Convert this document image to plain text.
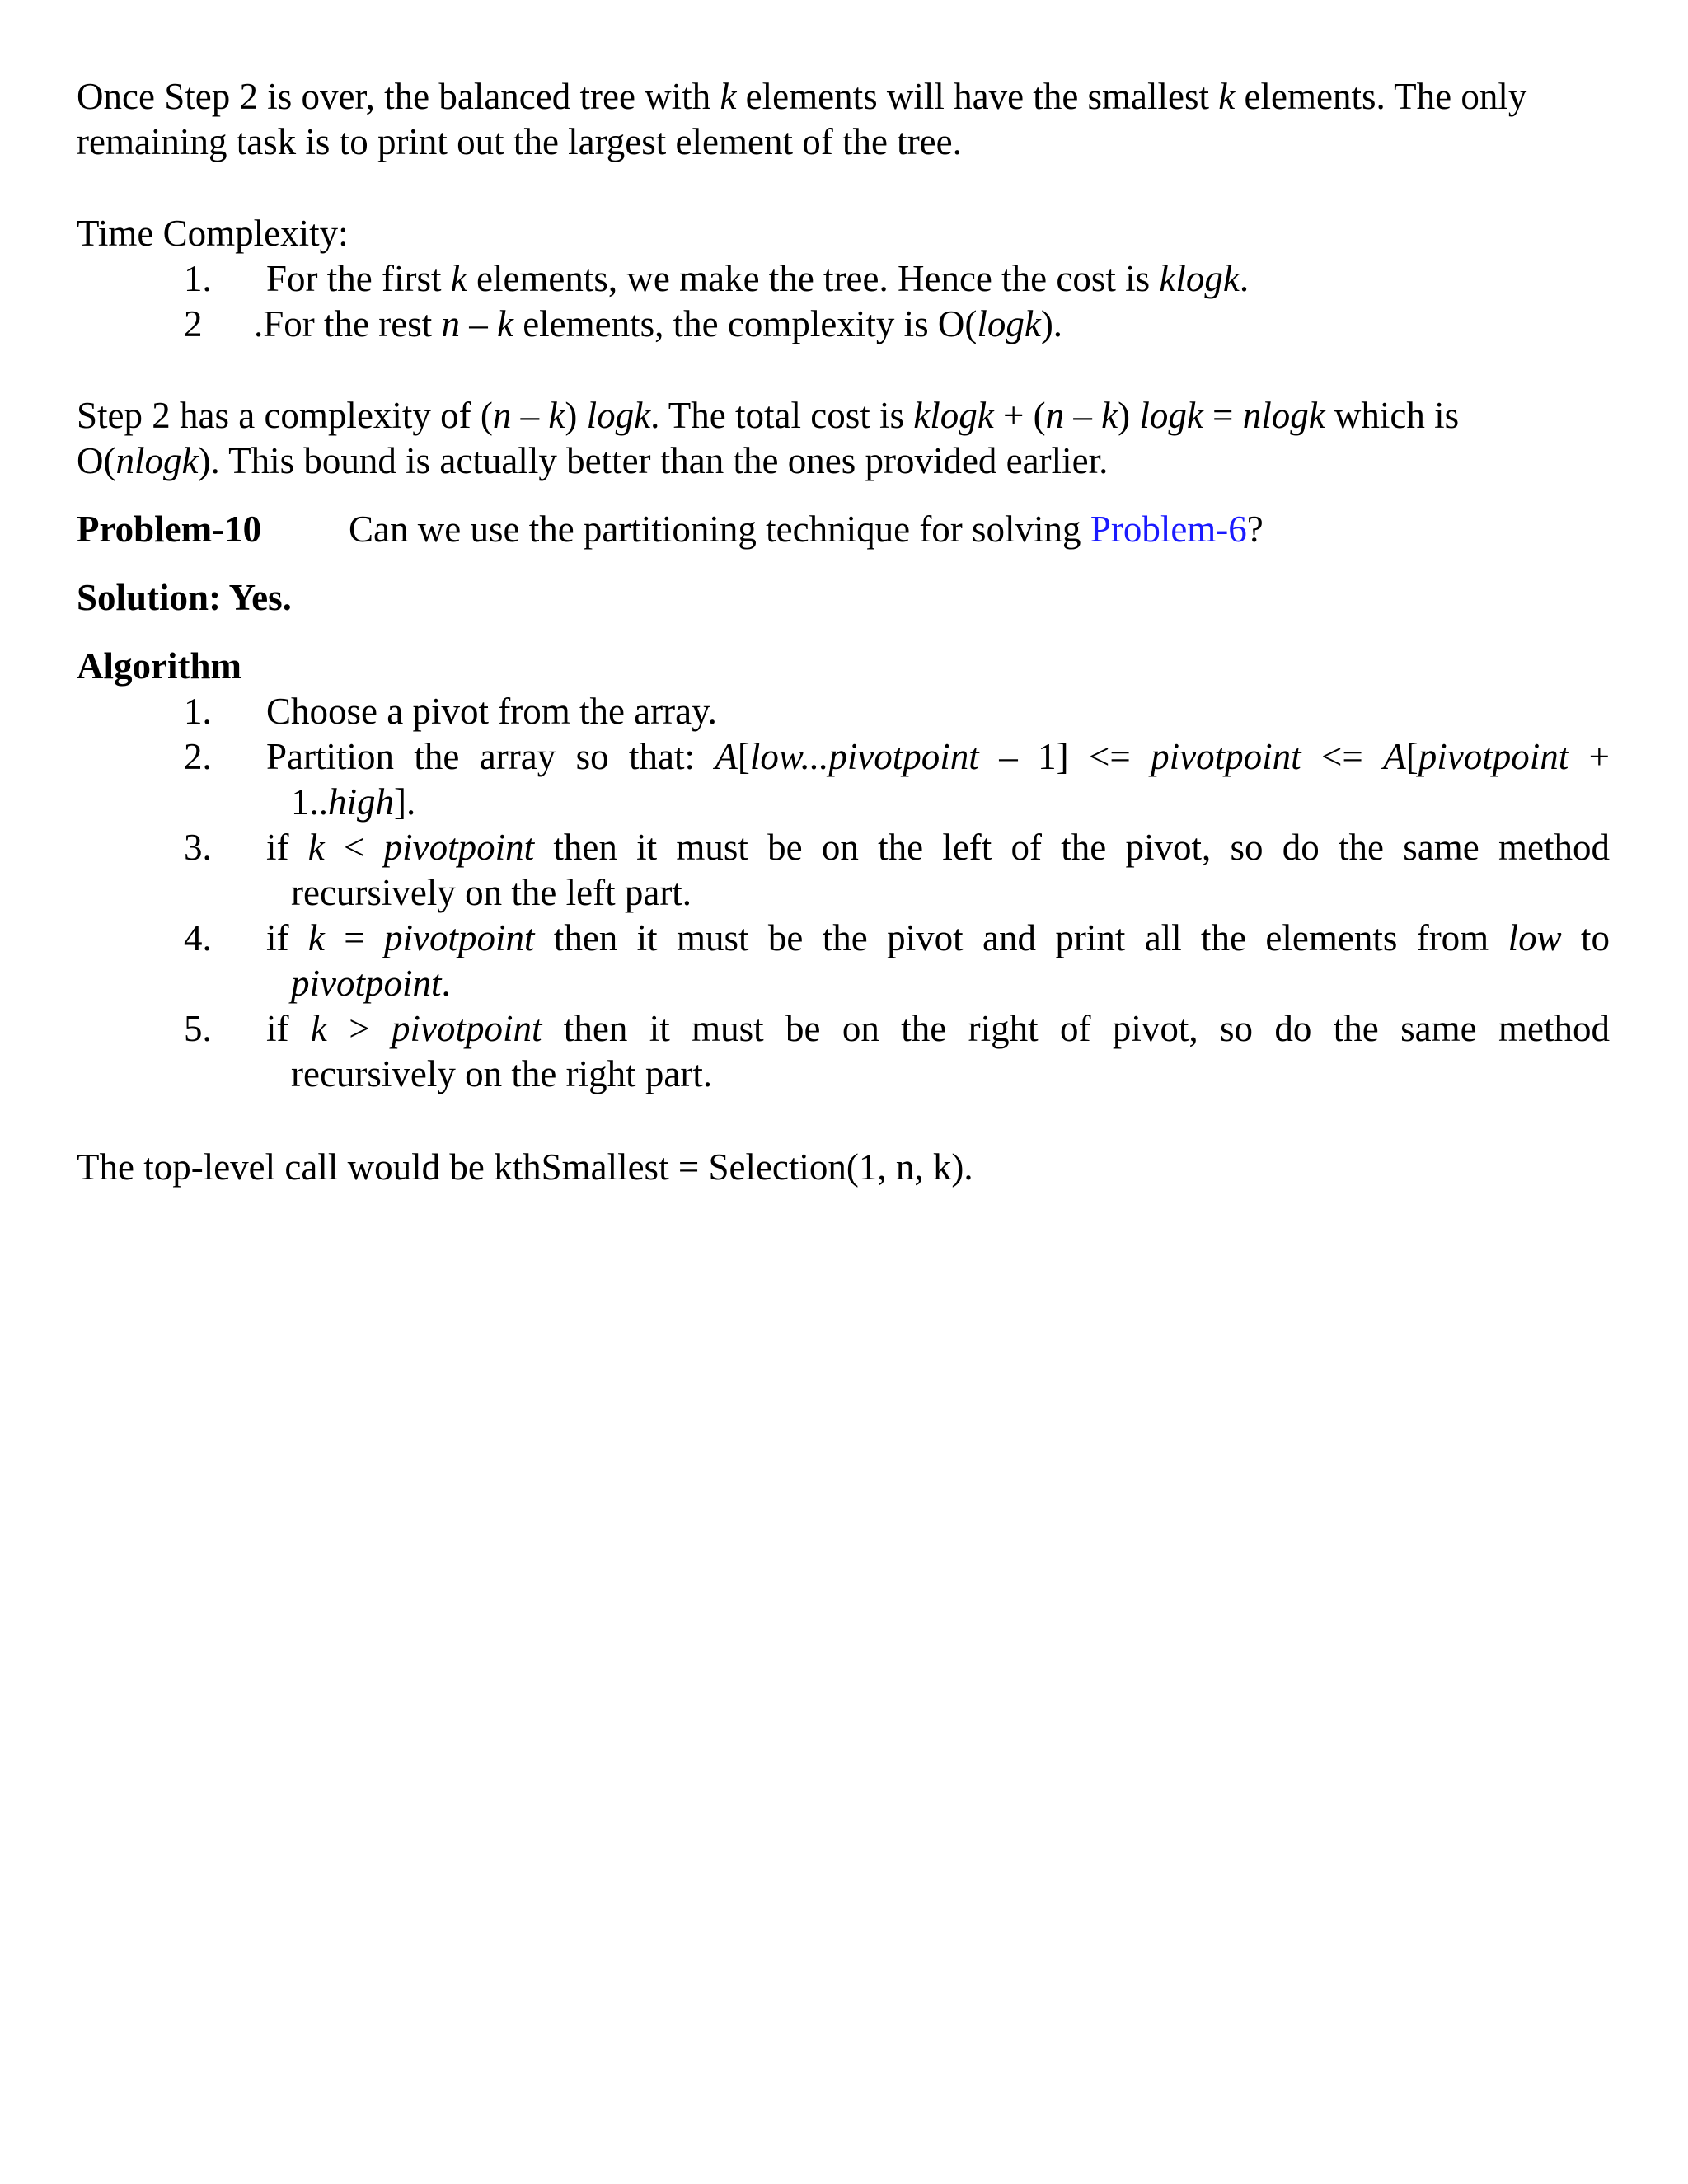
Once Step 2 is over, the balanced tree with k elements will have the smallest k elements. The only

remaining task is to print out the largest element of the tree.

Time Complexity:

1.	For the first k elements, we make the tree. Hence the cost is klogk.
2	.For the rest n – k elements, the complexity is O(logk).

Step 2 has a complexity of (n – k) logk. The total cost is klogk + (n – k) logk = nlogk which is

O(nlogk). This bound is actually better than the ones provided earlier.

Problem-10 Can we use the partitioning technique for solving Problem-6?

Solution: Yes.

Algorithm

1.	Choose a pivot from the array.
2.	Partition the array so that: A[low...pivotpoint – 1] <= pivotpoint <= A[pivotpoint +
1..high].
3.	if k < pivotpoint then it must be on the left of the pivot, so do the same method
recursively on the left part.
4.	if k = pivotpoint then it must be the pivot and print all the elements from low to
pivotpoint.
5.	if k > pivotpoint then it must be on the right of pivot, so do the same method
recursively on the right part.

The top-level call would be kthSmallest = Selection(1, n, k).
